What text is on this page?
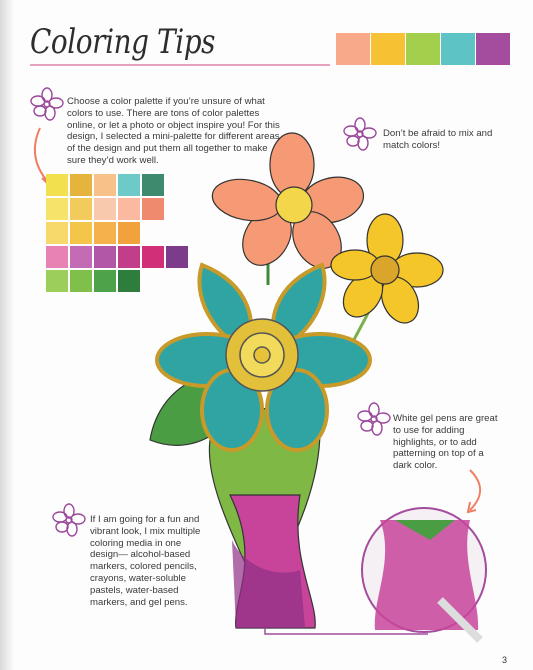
Coloring Tips
Choose a color palette if you’re unsure of what colors to use. There are tons of color palettes online, or let a photo or object inspire you! For this design, I selected a mini-palette for different areas of the design and put them all together to make sure they’d work well.
Don’t be afraid to mix and match colors!
White gel pens are great to use for adding highlights, or to add patterning on top of a dark color.
If I am going for a fun and vibrant look, I mix multiple coloring media in one design— alcohol-based markers, colored pencils, crayons, water-soluble pastels, water-based markers, and gel pens.
3
